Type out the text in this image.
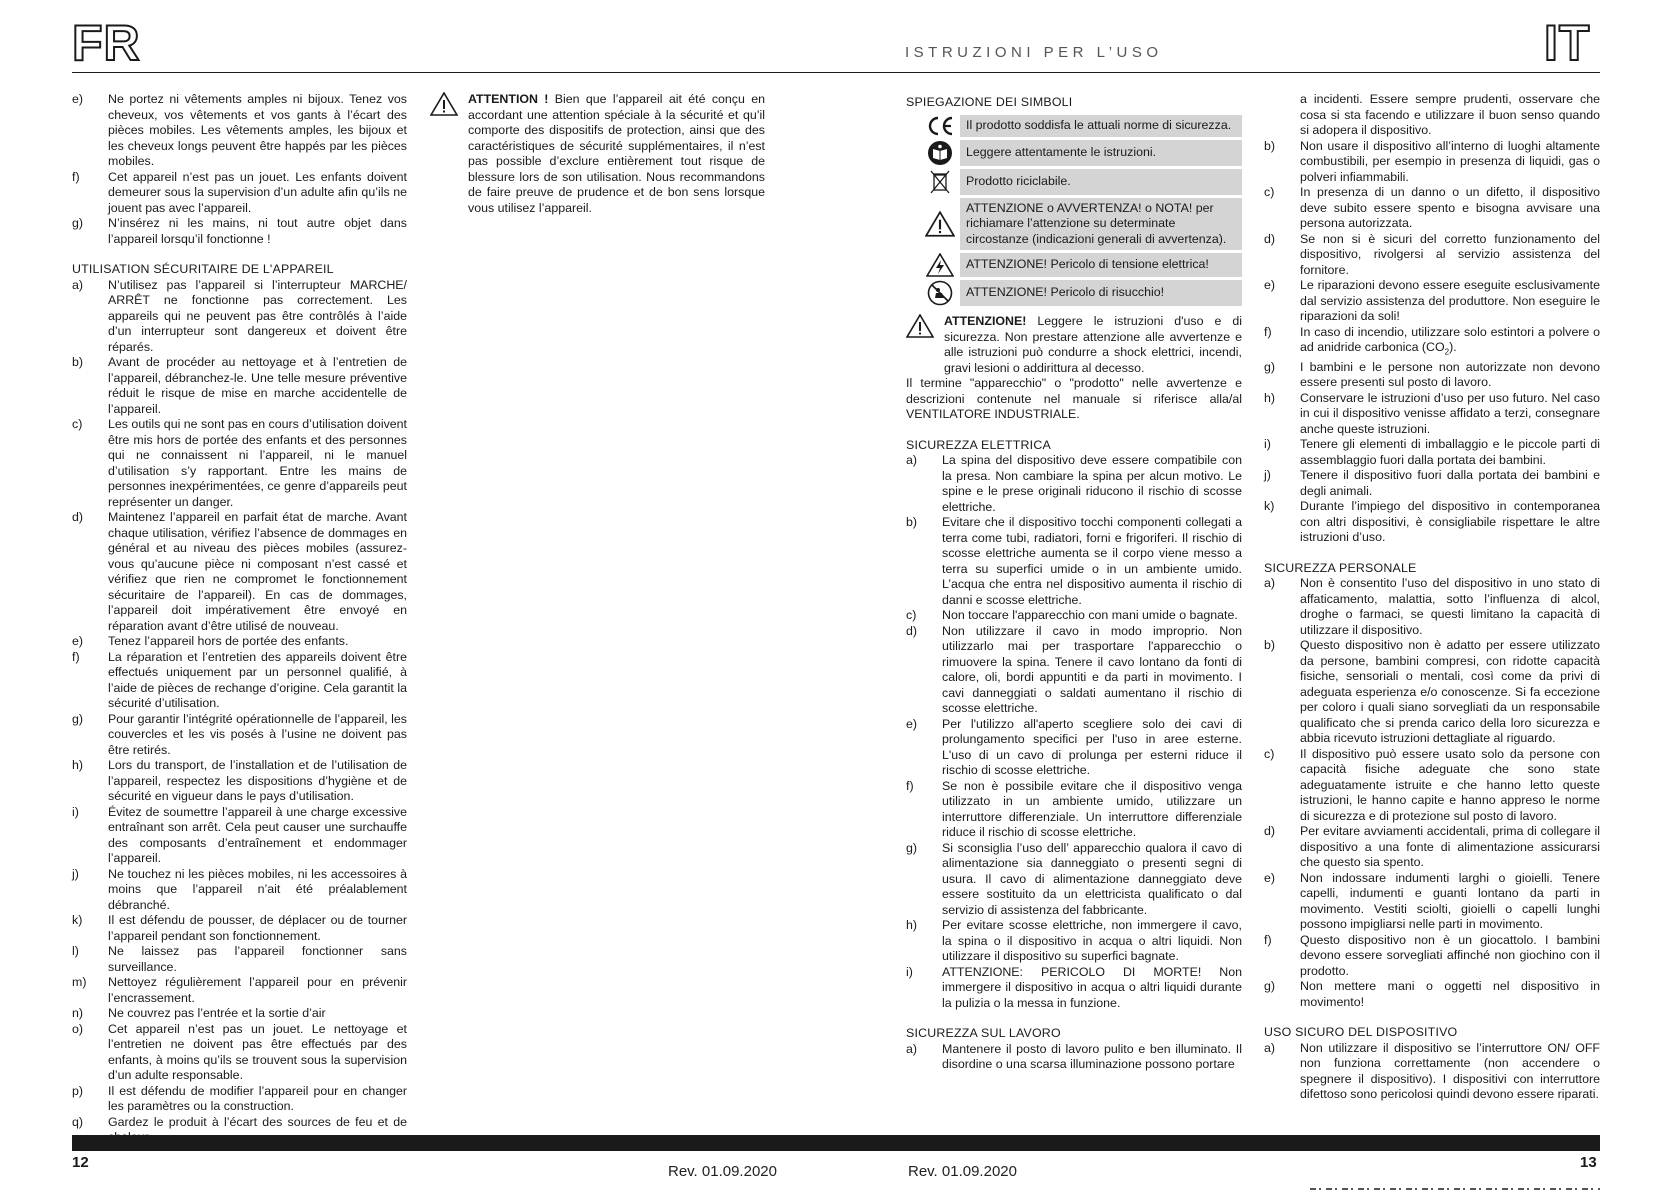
FR	ISTRUZIONI PER L’USO	IT
e) Ne portez ni vêtements amples ni bijoux. Tenez vos cheveux, vos vêtements et vos gants à l’écart des pièces mobiles. Les vêtements amples, les bijoux et les cheveux longs peuvent être happés par les pièces mobiles.
f) Cet appareil n’est pas un jouet. Les enfants doivent demeurer sous la supervision d’un adulte afin qu’ils ne jouent pas avec l’appareil.
g) N’insérez ni les mains, ni tout autre objet dans l’appareil lorsqu’il fonctionne !
UTILISATION SÉCURITAIRE DE L'APPAREIL
a) N’utilisez pas l’appareil si l’interrupteur MARCHE/ ARRÊT ne fonctionne pas correctement. Les appareils qui ne peuvent pas être contrôlés à l’aide d’un interrupteur sont dangereux et doivent être réparés.
b) Avant de procéder au nettoyage et à l’entretien de l’appareil, débranchez-le. Une telle mesure préventive réduit le risque de mise en marche accidentelle de l’appareil.
c) Les outils qui ne sont pas en cours d’utilisation doivent être mis hors de portée des enfants et des personnes qui ne connaissent ni l’appareil, ni le manuel d’utilisation s’y rapportant. Entre les mains de personnes inexpérimentées, ce genre d’appareils peut représenter un danger.
d) Maintenez l’appareil en parfait état de marche. Avant chaque utilisation, vérifiez l’absence de dommages en général et au niveau des pièces mobiles (assurez-vous qu’aucune pièce ni composant n’est cassé et vérifiez que rien ne compromet le fonctionnement sécuritaire de l’appareil). En cas de dommages, l’appareil doit impérativement être envoyé en réparation avant d’être utilisé de nouveau.
e) Tenez l’appareil hors de portée des enfants.
f) La réparation et l’entretien des appareils doivent être effectués uniquement par un personnel qualifié, à l’aide de pièces de rechange d’origine. Cela garantit la sécurité d’utilisation.
g) Pour garantir l’intégrité opérationnelle de l’appareil, les couvercles et les vis posés à l’usine ne doivent pas être retirés.
h) Lors du transport, de l’installation et de l’utilisation de l’appareil, respectez les dispositions d’hygiène et de sécurité en vigueur dans le pays d’utilisation.
i) Évitez de soumettre l’appareil à une charge excessive entraînant son arrêt. Cela peut causer une surchauffe des composants d’entraînement et endommager l’appareil.
j) Ne touchez ni les pièces mobiles, ni les accessoires à moins que l’appareil n’ait été préalablement débranché.
k) Il est défendu de pousser, de déplacer ou de tourner l’appareil pendant son fonctionnement.
l) Ne laissez pas l’appareil fonctionner sans surveillance.
m) Nettoyez régulièrement l’appareil pour en prévenir l’encrassement.
n) Ne couvrez pas l’entrée et la sortie d’air
o) Cet appareil n’est pas un jouet. Le nettoyage et l’entretien ne doivent pas être effectués par des enfants, à moins qu’ils se trouvent sous la supervision d’un adulte responsable.
p) Il est défendu de modifier l’appareil pour en changer les paramètres ou la construction.
q) Gardez le produit à l’écart des sources de feu et de
ATTENTION ! Bien que l’appareil ait été conçu en accordant une attention spéciale à la sécurité et qu’il comporte des dispositifs de protection, ainsi que des caractéristiques de sécurité supplémentaires, il n’est pas possible d’exclure entièrement tout risque de blessure lors de son utilisation. Nous recommandons de faire preuve de prudence et de bon sens lorsque vous utilisez l’appareil.
SPIEGAZIONE DEI SIMBOLI
Il prodotto soddisfa le attuali norme di sicurezza.
Leggere attentamente le istruzioni.
Prodotto riciclabile.
ATTENZIONE o AVVERTENZA! o NOTA! per richiamare l’attenzione su determinate circostanze (indicazioni generali di avvertenza).
ATTENZIONE! Pericolo di tensione elettrica!
ATTENZIONE! Pericolo di risucchio!
ATTENZIONE! Leggere le istruzioni d'uso e di sicurezza. Non prestare attenzione alle avvertenze e alle istruzioni può condurre a shock elettrici, incendi, gravi lesioni o addirittura al decesso.
Il termine "apparecchio" o "prodotto" nelle avvertenze e descrizioni contenute nel manuale si riferisce alla/al VENTILATORE INDUSTRIALE.
SICUREZZA ELETTRICA
a) La spina del dispositivo deve essere compatibile con la presa. Non cambiare la spina per alcun motivo. Le spine e le prese originali riducono il rischio di scosse elettriche.
b) Evitare che il dispositivo tocchi componenti collegati a terra come tubi, radiatori, forni e frigoriferi. Il rischio di scosse elettriche aumenta se il corpo viene messo a terra su superfici umide o in un ambiente umido. L’acqua che entra nel dispositivo aumenta il rischio di danni e scosse elettriche.
c) Non toccare l'apparecchio con mani umide o bagnate.
d) Non utilizzare il cavo in modo improprio. Non utilizzarlo mai per trasportare l'apparecchio o rimuovere la spina. Tenere il cavo lontano da fonti di calore, oli, bordi appuntiti e da parti in movimento. I cavi danneggiati o saldati aumentano il rischio di scosse elettriche.
e) Per l'utilizzo all'aperto scegliere solo dei cavi di prolungamento specifici per l'uso in aree esterne. L'uso di un cavo di prolunga per esterni riduce il rischio di scosse elettriche.
f) Se non è possibile evitare che il dispositivo venga utilizzato in un ambiente umido, utilizzare un interruttore differenziale. Un interruttore differenziale riduce il rischio di scosse elettriche.
g) Si sconsiglia l’uso dell’ apparecchio qualora il cavo di alimentazione sia danneggiato o presenti segni di usura. Il cavo di alimentazione danneggiato deve essere sostituito da un elettricista qualificato o dal servizio di assistenza del fabbricante.
h) Per evitare scosse elettriche, non immergere il cavo, la spina o il dispositivo in acqua o altri liquidi. Non utilizzare il dispositivo su superfici bagnate.
i) ATTENZIONE: PERICOLO DI MORTE! Non immergere il dispositivo in acqua o altri liquidi durante la pulizia o la messa in funzione.
SICUREZZA SUL LAVORO
a) Mantenere il posto di lavoro pulito e ben illuminato. Il disordine o una scarsa illuminazione possono portare
a incidenti. Essere sempre prudenti, osservare che cosa si sta facendo e utilizzare il buon senso quando si adopera il dispositivo.
b) Non usare il dispositivo all’interno di luoghi altamente combustibili, per esempio in presenza di liquidi, gas o polveri infiammabili.
c) In presenza di un danno o un difetto, il dispositivo deve subito essere spento e bisogna avvisare una persona autorizzata.
d) Se non si è sicuri del corretto funzionamento del dispositivo, rivolgersi al servizio assistenza del fornitore.
e) Le riparazioni devono essere eseguite esclusivamente dal servizio assistenza del produttore. Non eseguire le riparazioni da soli!
f) In caso di incendio, utilizzare solo estintori a polvere o ad anidride carbonica $(CO_2)$.
g) I bambini e le persone non autorizzate non devono essere presenti sul posto di lavoro.
h) Conservare le istruzioni d’uso per uso futuro. Nel caso in cui il dispositivo venisse affidato a terzi, consegnare anche queste istruzioni.
i) Tenere gli elementi di imballaggio e le piccole parti di assemblaggio fuori dalla portata dei bambini.
j) Tenere il dispositivo fuori dalla portata dei bambini e degli animali.
k) Durante l’impiego del dispositivo in contemporanea con altri dispositivi, è consigliabile rispettare le altre istruzioni d’uso.
SICUREZZA PERSONALE
a) Non è consentito l’uso del dispositivo in uno stato di affaticamento, malattia, sotto l’influenza di alcol, droghe o farmaci, se questi limitano la capacità di utilizzare il dispositivo.
b) Questo dispositivo non è adatto per essere utilizzato da persone, bambini compresi, con ridotte capacità fisiche, sensoriali o mentali, così come da privi di adeguata esperienza e/o conoscenze. Si fa eccezione per coloro i quali siano sorvegliati da un responsabile qualificato che si prenda carico della loro sicurezza e abbia ricevuto istruzioni dettagliate al riguardo.
c) Il dispositivo può essere usato solo da persone con capacità fisiche adeguate che sono state adeguatamente istruite e che hanno letto queste istruzioni, le hanno capite e hanno appreso le norme di sicurezza e di protezione sul posto di lavoro.
d) Per evitare avviamenti accidentali, prima di collegare il dispositivo a una fonte di alimentazione assicurarsi che questo sia spento.
e) Non indossare indumenti larghi o gioielli. Tenere capelli, indumenti e guanti lontano da parti in movimento. Vestiti sciolti, gioielli o capelli lunghi possono impigliarsi nelle parti in movimento.
f) Questo dispositivo non è un giocattolo. I bambini devono essere sorvegliati affinché non giochino con il prodotto.
g) Non mettere mani o oggetti nel dispositivo in movimento!
USO SICURO DEL DISPOSITIVO
a) Non utilizzare il dispositivo se l’interruttore ON/ OFF non funziona correttamente (non accendere o spegnere il dispositivo). I dispositivi con interruttore difettoso sono pericolosi quindi devono essere riparati.
12	13
Rev. 01.09.2020	Rev. 01.09.2020
